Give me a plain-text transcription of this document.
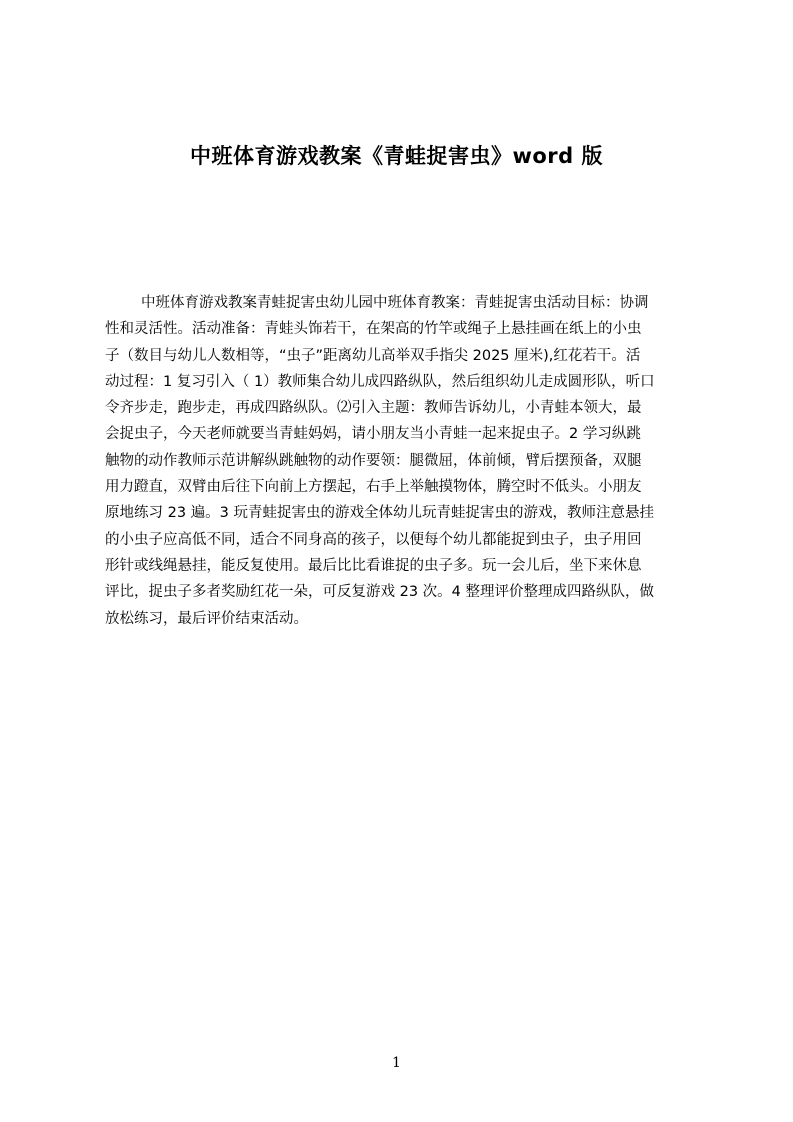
中班体育游戏教案《青蛙捉害虫》word 版
中班体育游戏教案青蛙捉害虫幼儿园中班体育教案：青蛙捉害虫活动目标：协调
性和灵活性。活动准备：青蛙头饰若干，在架高的竹竿或绳子上悬挂画在纸上的小虫
子（数目与幼儿人数相等，“虫子”距离幼儿高举双手指尖 2025 厘米),红花若干。活
动过程：1 复习引入（ 1）教师集合幼儿成四路纵队，然后组织幼儿走成圆形队，听口
令齐步走，跑步走，再成四路纵队。⑵引入主题：教师告诉幼儿，小青蛙本领大，最
会捉虫子，今天老师就要当青蛙妈妈，请小朋友当小青蛙一起来捉虫子。2 学习纵跳
触物的动作教师示范讲解纵跳触物的动作要领：腿微屈，体前倾，臂后摆预备，双腿
用力蹬直，双臂由后往下向前上方摆起，右手上举触摸物体，腾空时不低头。小朋友
原地练习 23 遍。3 玩青蛙捉害虫的游戏全体幼儿玩青蛙捉害虫的游戏，教师注意悬挂
的小虫子应高低不同，适合不同身高的孩子，以便每个幼儿都能捉到虫子，虫子用回
形针或线绳悬挂，能反复使用。最后比比看谁捉的虫子多。玩一会儿后，坐下来休息
评比，捉虫子多者奖励红花一朵，可反复游戏 23 次。4 整理评价整理成四路纵队，做
放松练习，最后评价结束活动。
1
